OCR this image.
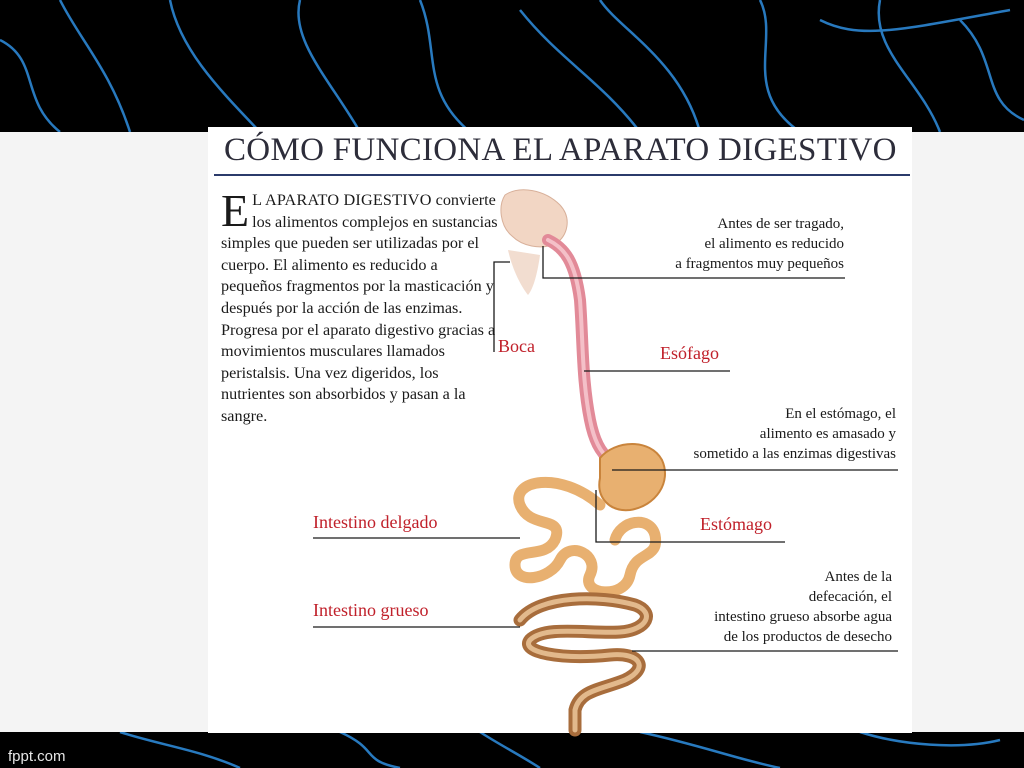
CÓMO FUNCIONA EL APARATO DIGESTIVO
E L APARATO DIGESTIVO convierte los alimentos complejos en sustancias simples que pueden ser utilizadas por el cuerpo. El alimento es reducido a pequeños fragmentos por la masticación y después por la acción de las enzimas. Progresa por el aparato digestivo gracias a movimientos musculares llamados peristalsis. Una vez digeridos, los nutrientes son absorbidos y pasan a la sangre.
Boca	Esófago
Estómago
Intestino delgado
Intestino grueso
Antes de ser tragado,
el alimento es reducido
a fragmentos muy pequeños
En el estómago, el
alimento es amasado y
sometido a las enzimas digestivas
Antes de la
defecación, el
intestino grueso absorbe agua
de los productos de desecho
fppt.com
